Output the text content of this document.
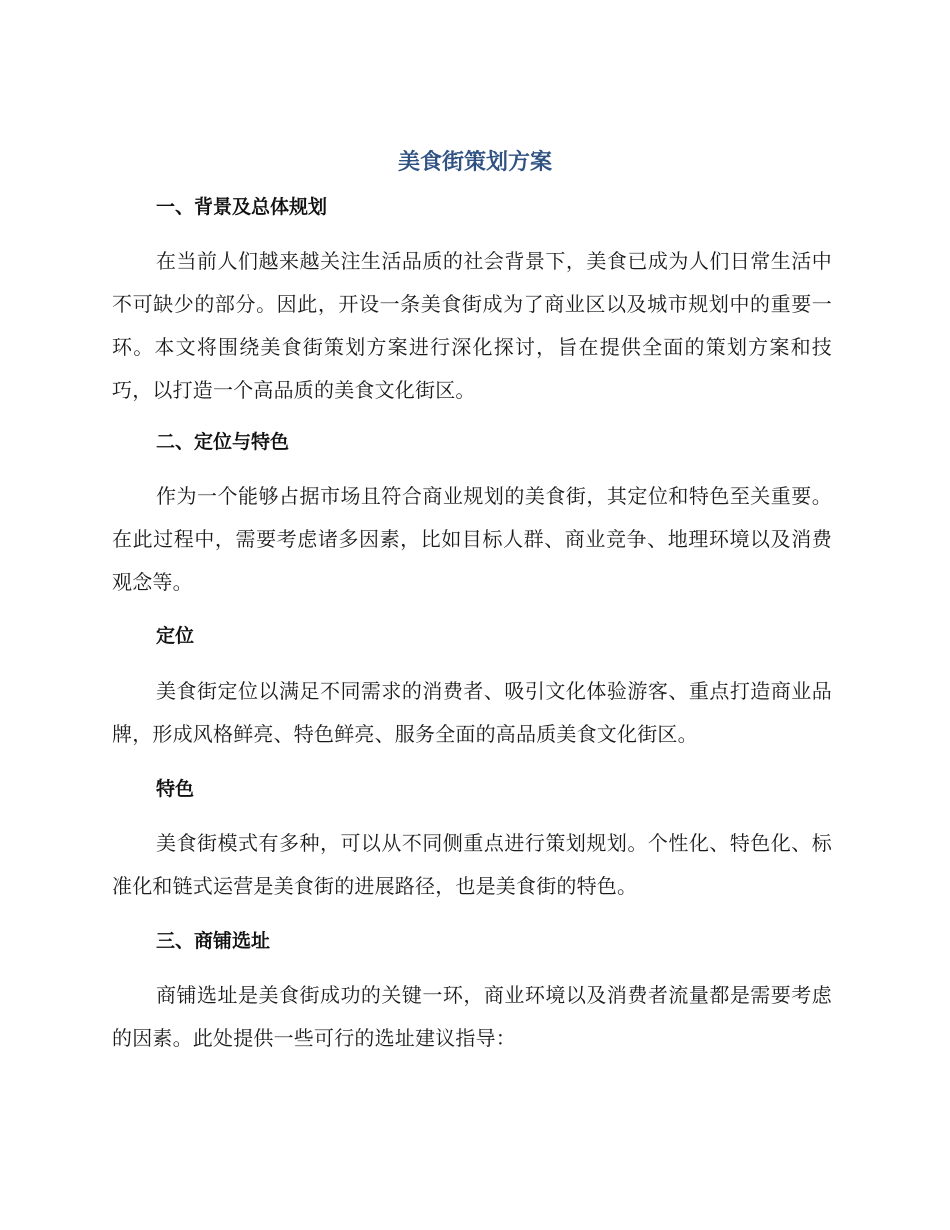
美食街策划方案
一、背景及总体规划

在当前人们越来越关注生活品质的社会背景下，美食已成为人们日常生活中不可缺少的部分。因此，开设一条美食街成为了商业区以及城市规划中的重要一环。本文将围绕美食街策划方案进行深化探讨，旨在提供全面的策划方案和技巧，以打造一个高品质的美食文化街区。

二、定位与特色

作为一个能够占据市场且符合商业规划的美食街，其定位和特色至关重要。在此过程中，需要考虑诸多因素，比如目标人群、商业竞争、地理环境以及消费观念等。

定位

美食街定位以满足不同需求的消费者、吸引文化体验游客、重点打造商业品牌，形成风格鲜亮、特色鲜亮、服务全面的高品质美食文化街区。

特色

美食街模式有多种，可以从不同侧重点进行策划规划。个性化、特色化、标准化和链式运营是美食街的进展路径，也是美食街的特色。

三、商铺选址

商铺选址是美食街成功的关键一环，商业环境以及消费者流量都是需要考虑的因素。此处提供一些可行的选址建议指导：
